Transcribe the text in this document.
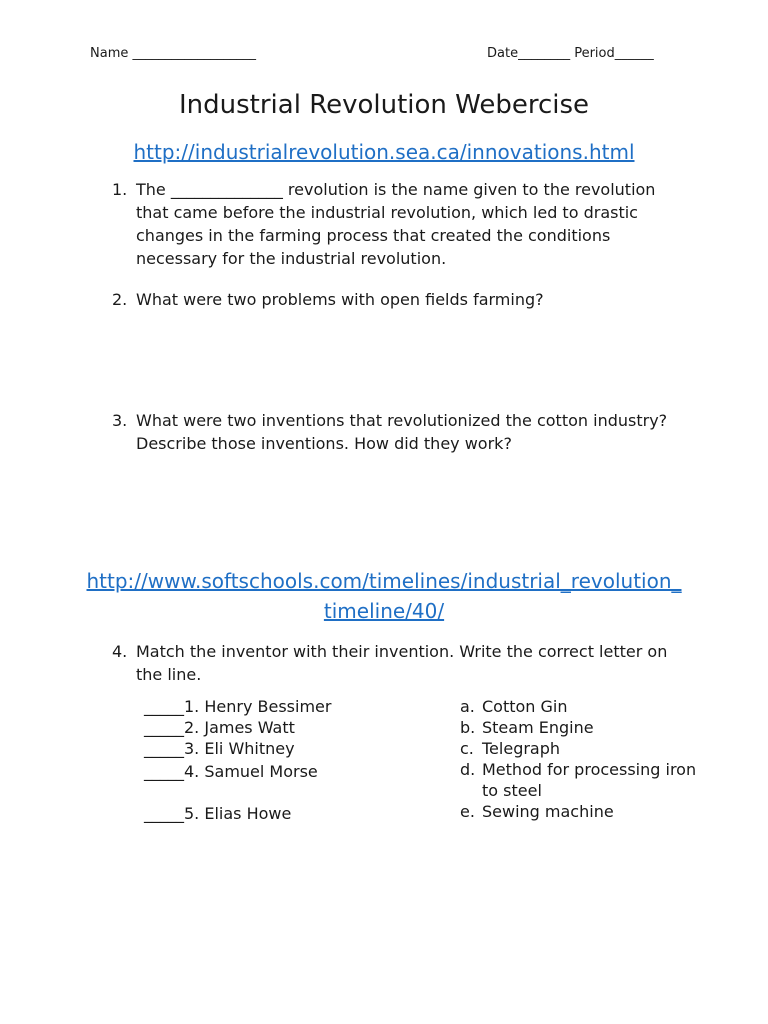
Name ___________________	Date________ Period______
Industrial Revolution Webercise
http://industrialrevolution.sea.ca/innovations.html
1. The ______________ revolution is the name given to the revolution that came before the industrial revolution, which led to drastic changes in the farming process that created the conditions necessary for the industrial revolution.
2. What were two problems with open fields farming?
3. What were two inventions that revolutionized the cotton industry? Describe those inventions. How did they work?
http://www.softschools.com/timelines/industrial_revolution_timeline/40/
4. Match the inventor with their invention. Write the correct letter on the line.
_____1. Henry Bessimer
_____2. James Watt
_____3. Eli Whitney
_____4. Samuel Morse
_____5. Elias Howe
a. Cotton Gin
b. Steam Engine
c. Telegraph
d. Method for processing iron to steel
e. Sewing machine
